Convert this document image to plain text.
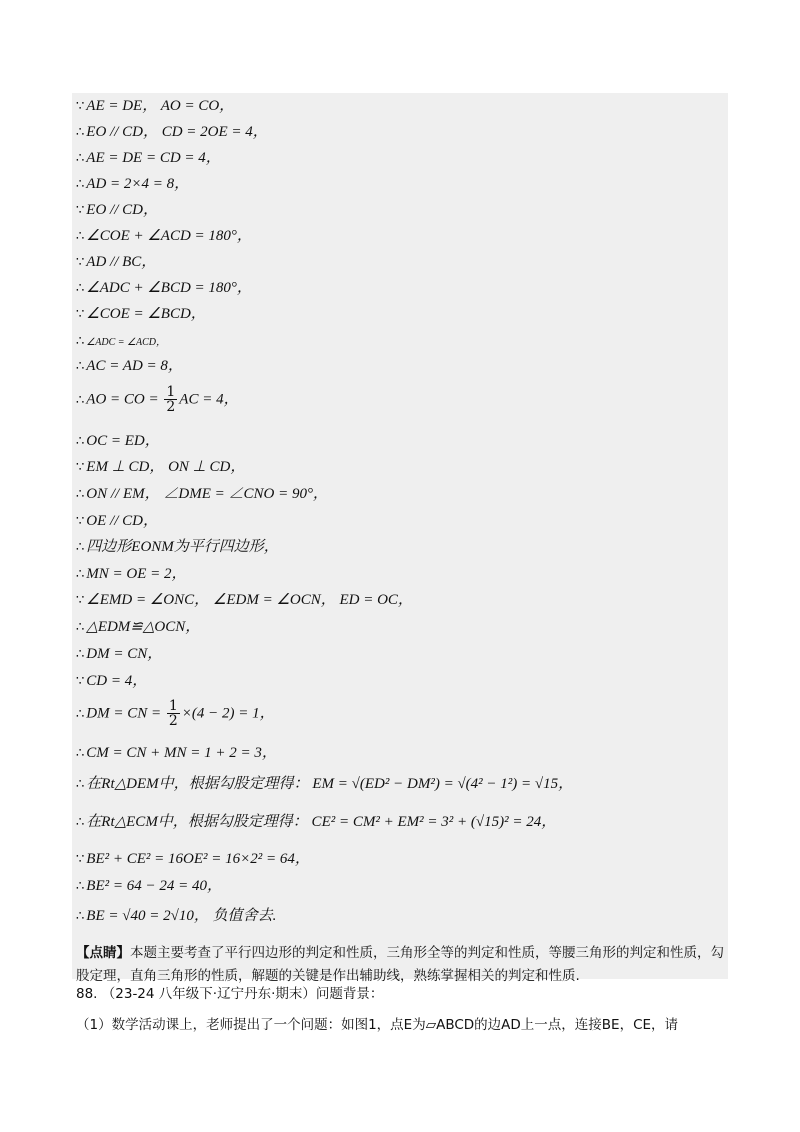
∵ AE = DE， AO = CO，
∴ EO // CD， CD = 2OE = 4，
∴ AE = DE = CD = 4，
∴ AD = 2×4 = 8，
∵ EO // CD，
∴ ∠COE + ∠ACD = 180°，
∵ AD // BC，
∴ ∠ADC + ∠BCD = 180°，
∵ ∠COE = ∠BCD，
∴ ∠ADC = ∠ACD，
∴ AC = AD = 8，
∴ AO = CO = $\frac{1}{2}$ AC = 4，
∴ OC = ED，
∵ EM ⊥ CD， ON ⊥ CD，
∴ ON // EM， ∠DME = ∠CNO = 90°，
∵ OE // CD，
∴ 四边形EONM为平行四边形，
∴ MN = OE = 2，
∵ ∠EMD = ∠ONC， ∠EDM = ∠OCN， ED = OC，
∴ △EDM≌△OCN，
∴ DM = CN，
∵ CD = 4，
∴ DM = CN = $\frac{1}{2} \times(4 - 2) = 1$，
∴ CM = CN + MN = 1 + 2 = 3，
∴ 在Rt△DEM中，根据勾股定理得： EM = √(ED² − DM²) = √(4² − 1²) = √15，
∴ 在Rt△ECM中，根据勾股定理得： CE² = CM² + EM² = 3² + (√15)² = 24，
∵ BE² + CE² = 16OE² = 16×2² = 64，
∴ BE² = 64 − 24 = 40，
∴ BE = √40 = 2√10， 负值舍去.
【点睛】本题主要考查了平行四边形的判定和性质，三角形全等的判定和性质，等腰三角形的判定和性质，勾股定理，直角三角形的性质，解题的关键是作出辅助线，熟练掌握相关的判定和性质.
88. （23-24 八年级下·辽宁丹东·期末）问题背景：
（1）数学活动课上，老师提出了一个问题：如图1，点E为▱ABCD的边AD上一点，连接BE，CE，请
